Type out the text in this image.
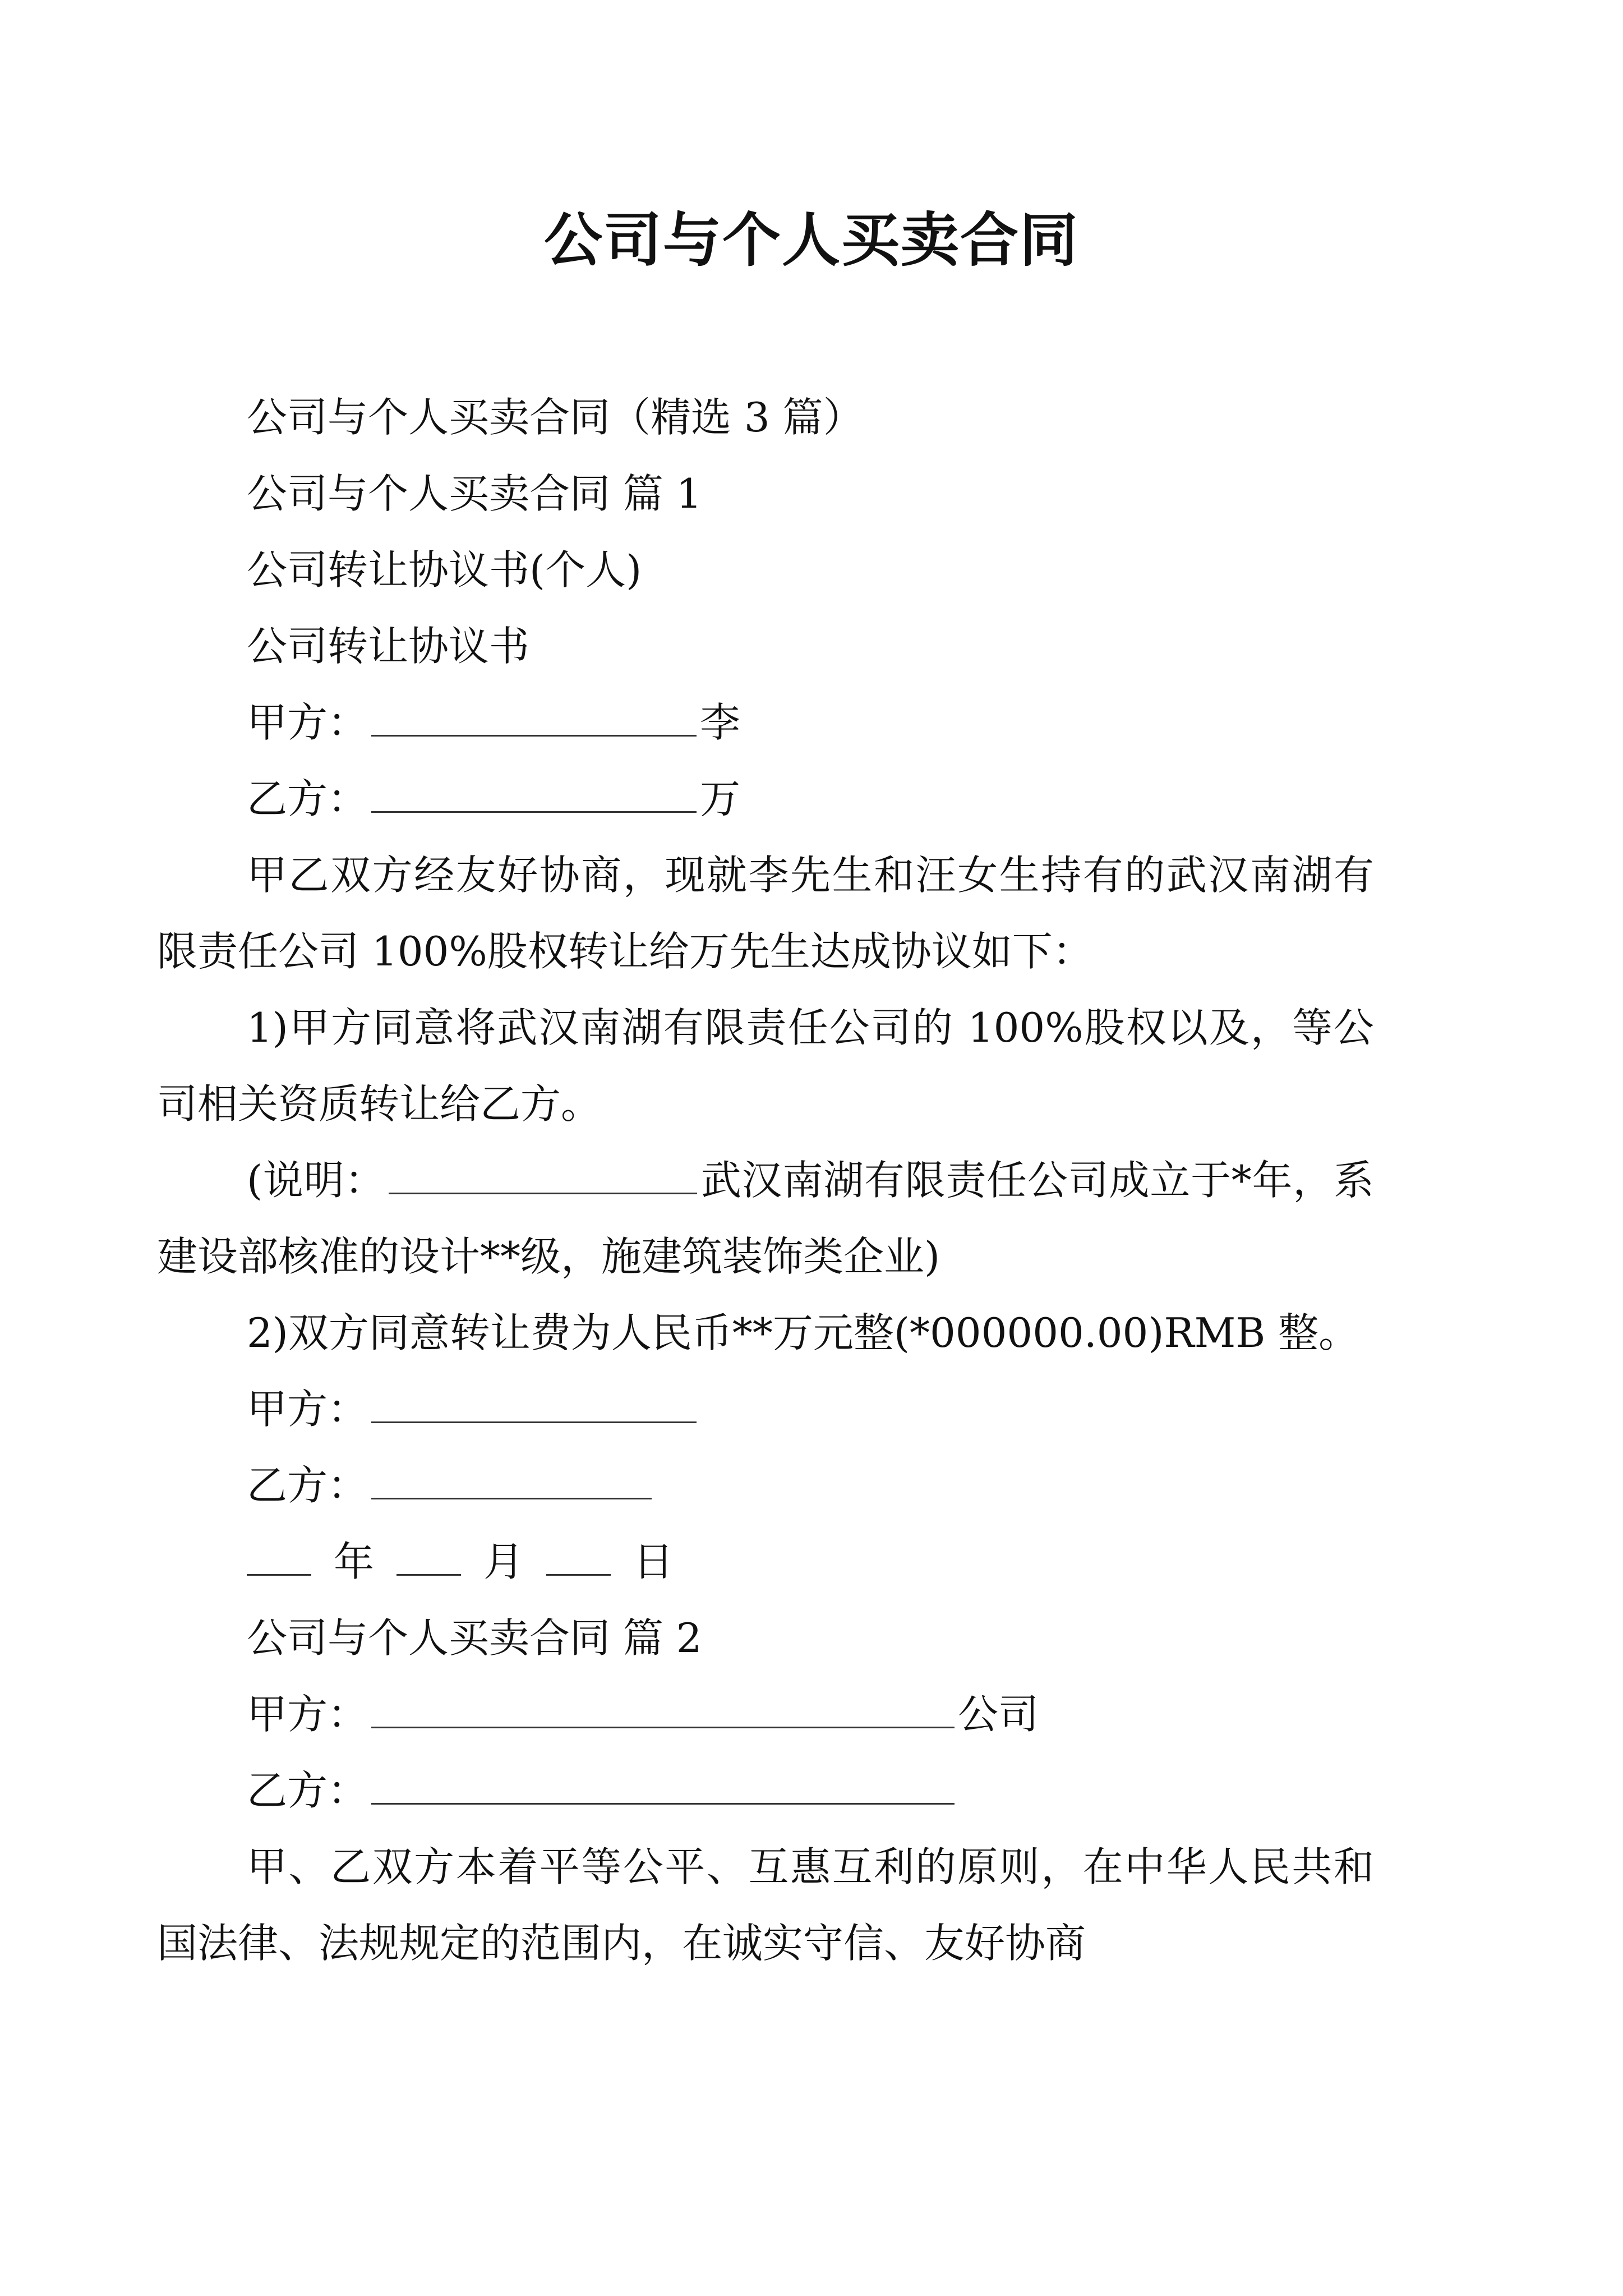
公司与个人买卖合同

公司与个人买卖合同（精选 3 篇）

公司与个人买卖合同 篇 1

公司转让协议书(个人)

公司转让协议书

甲方：	李

乙方：	万

甲乙双方经友好协商，现就李先生和汪女生持有的武汉南湖有限责任公司 100%股权转让给万先生达成协议如下：

1)甲方同意将武汉南湖有限责任公司的 100%股权以及，等公司相关资质转让给乙方。

(说明：	武汉南湖有限责任公司成立于*年，系建设部核准的设计**级，施建筑装饰类企业)

2)双方同意转让费为人民币**万元整(*000000.00)RMB 整。

甲方：

乙方：

年	月	日

公司与个人买卖合同 篇 2

甲方：	公司

乙方：

甲、乙双方本着平等公平、互惠互利的原则，在中华人民共和国法律、法规规定的范围内，在诚实守信、友好协商
